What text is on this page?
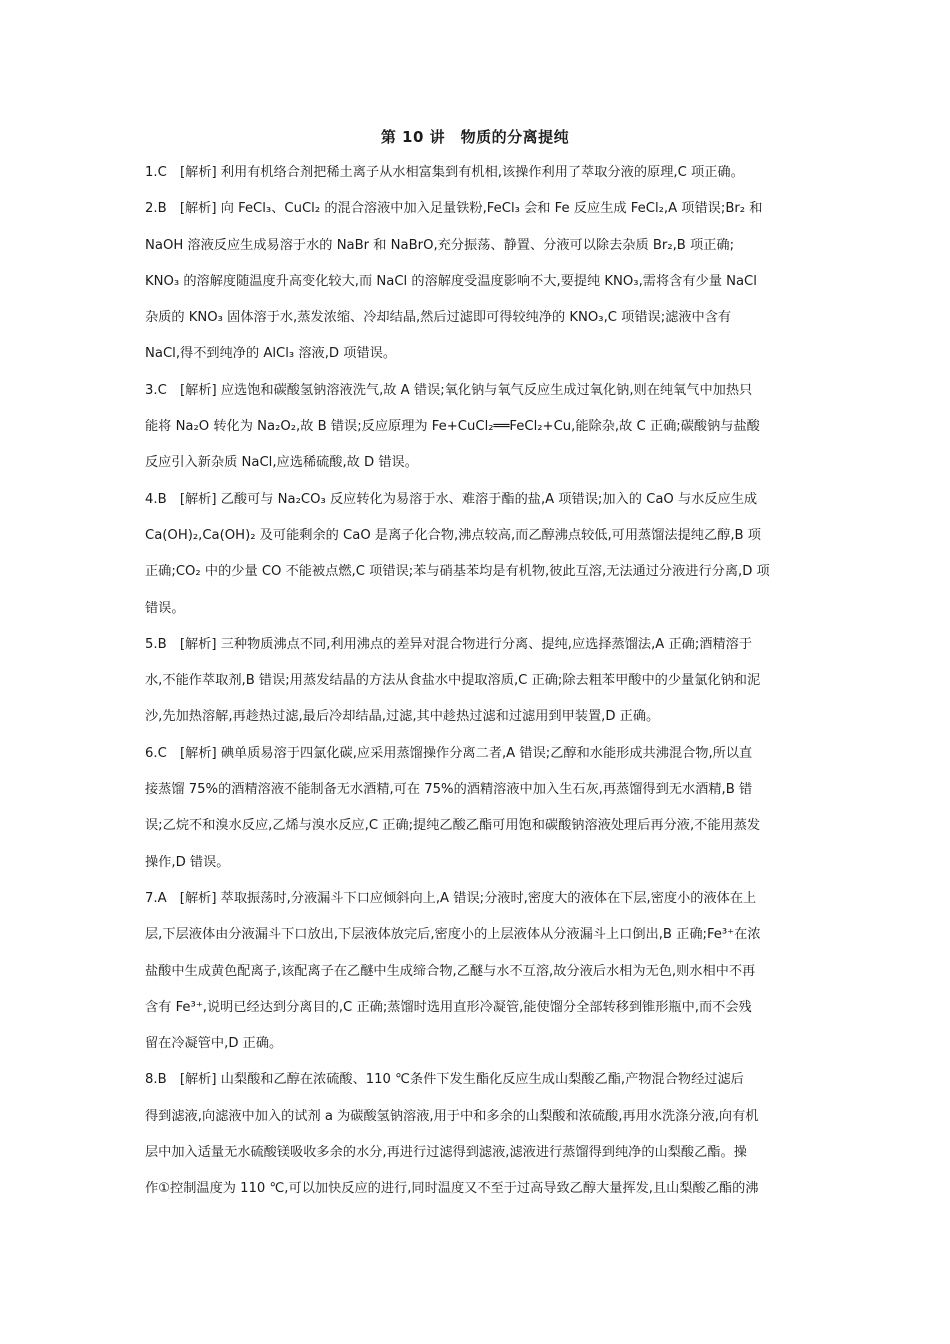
第 10 讲　物质的分离提纯
1.C  [解析] 利用有机络合剂把稀土离子从水相富集到有机相,该操作利用了萃取分液的原理,C 项正确。
2.B  [解析] 向 FeCl₃、CuCl₂ 的混合溶液中加入足量铁粉,FeCl₃ 会和 Fe 反应生成 FeCl₂,A 项错误;Br₂ 和
NaOH 溶液反应生成易溶于水的 NaBr 和 NaBrO,充分振荡、静置、分液可以除去杂质 Br₂,B 项正确;
KNO₃ 的溶解度随温度升高变化较大,而 NaCl 的溶解度受温度影响不大,要提纯 KNO₃,需将含有少量 NaCl
杂质的 KNO₃ 固体溶于水,蒸发浓缩、冷却结晶,然后过滤即可得较纯净的 KNO₃,C 项错误;滤液中含有
NaCl,得不到纯净的 AlCl₃ 溶液,D 项错误。
3.C  [解析] 应选饱和碳酸氢钠溶液洗气,故 A 错误;氧化钠与氧气反应生成过氧化钠,则在纯氧气中加热只
能将 Na₂O 转化为 Na₂O₂,故 B 错误;反应原理为 Fe+CuCl₂══FeCl₂+Cu,能除杂,故 C 正确;碳酸钠与盐酸
反应引入新杂质 NaCl,应选稀硫酸,故 D 错误。
4.B  [解析] 乙酸可与 Na₂CO₃ 反应转化为易溶于水、难溶于酯的盐,A 项错误;加入的 CaO 与水反应生成
Ca(OH)₂,Ca(OH)₂ 及可能剩余的 CaO 是离子化合物,沸点较高,而乙醇沸点较低,可用蒸馏法提纯乙醇,B 项
正确;CO₂ 中的少量 CO 不能被点燃,C 项错误;苯与硝基苯均是有机物,彼此互溶,无法通过分液进行分离,D 项
错误。
5.B  [解析] 三种物质沸点不同,利用沸点的差异对混合物进行分离、提纯,应选择蒸馏法,A 正确;酒精溶于
水,不能作萃取剂,B 错误;用蒸发结晶的方法从食盐水中提取溶质,C 正确;除去粗苯甲酸中的少量氯化钠和泥
沙,先加热溶解,再趁热过滤,最后冷却结晶,过滤,其中趁热过滤和过滤用到甲装置,D 正确。
6.C  [解析] 碘单质易溶于四氯化碳,应采用蒸馏操作分离二者,A 错误;乙醇和水能形成共沸混合物,所以直
接蒸馏 75%的酒精溶液不能制备无水酒精,可在 75%的酒精溶液中加入生石灰,再蒸馏得到无水酒精,B 错
误;乙烷不和溴水反应,乙烯与溴水反应,C 正确;提纯乙酸乙酯可用饱和碳酸钠溶液处理后再分液,不能用蒸发
操作,D 错误。
7.A  [解析] 萃取振荡时,分液漏斗下口应倾斜向上,A 错误;分液时,密度大的液体在下层,密度小的液体在上
层,下层液体由分液漏斗下口放出,下层液体放完后,密度小的上层液体从分液漏斗上口倒出,B 正确;Fe³⁺在浓
盐酸中生成黄色配离子,该配离子在乙醚中生成缔合物,乙醚与水不互溶,故分液后水相为无色,则水相中不再
含有 Fe³⁺,说明已经达到分离目的,C 正确;蒸馏时选用直形冷凝管,能使馏分全部转移到锥形瓶中,而不会残
留在冷凝管中,D 正确。
8.B  [解析] 山梨酸和乙醇在浓硫酸、110 ℃条件下发生酯化反应生成山梨酸乙酯,产物混合物经过滤后
得到滤液,向滤液中加入的试剂 a 为碳酸氢钠溶液,用于中和多余的山梨酸和浓硫酸,再用水洗涤分液,向有机
层中加入适量无水硫酸镁吸收多余的水分,再进行过滤得到滤液,滤液进行蒸馏得到纯净的山梨酸乙酯。操
作①控制温度为 110 ℃,可以加快反应的进行,同时温度又不至于过高导致乙醇大量挥发,且山梨酸乙酯的沸
